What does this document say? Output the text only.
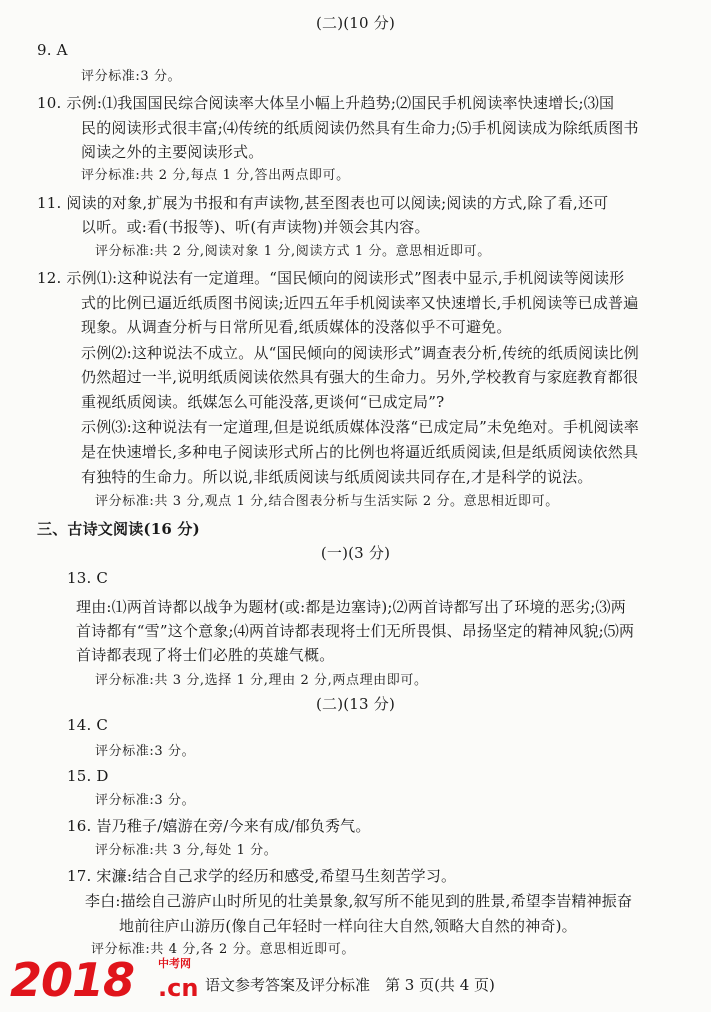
(二)(10 分)
9. A
评分标准:3 分。
10. 示例:⑴我国国民综合阅读率大体呈小幅上升趋势;⑵国民手机阅读率快速增长;⑶国
民的阅读形式很丰富;⑷传统的纸质阅读仍然具有生命力;⑸手机阅读成为除纸质图书
阅读之外的主要阅读形式。
评分标准:共 2 分,每点 1 分,答出两点即可。
11. 阅读的对象,扩展为书报和有声读物,甚至图表也可以阅读;阅读的方式,除了看,还可
以听。或:看(书报等)、听(有声读物)并领会其内容。
评分标准:共 2 分,阅读对象 1 分,阅读方式 1 分。意思相近即可。
12. 示例⑴:这种说法有一定道理。“国民倾向的阅读形式”图表中显示,手机阅读等阅读形
式的比例已逼近纸质图书阅读;近四五年手机阅读率又快速增长,手机阅读等已成普遍
现象。从调查分析与日常所见看,纸质媒体的没落似乎不可避免。
示例⑵:这种说法不成立。从“国民倾向的阅读形式”调查表分析,传统的纸质阅读比例
仍然超过一半,说明纸质阅读依然具有强大的生命力。另外,学校教育与家庭教育都很
重视纸质阅读。纸媒怎么可能没落,更谈何“已成定局”?
示例⑶:这种说法有一定道理,但是说纸质媒体没落“已成定局”未免绝对。手机阅读率
是在快速增长,多种电子阅读形式所占的比例也将逼近纸质阅读,但是纸质阅读依然具
有独特的生命力。所以说,非纸质阅读与纸质阅读共同存在,才是科学的说法。
评分标准:共 3 分,观点 1 分,结合图表分析与生活实际 2 分。意思相近即可。
三、古诗文阅读(16 分)
(一)(3 分)
13. C
理由:⑴两首诗都以战争为题材(或:都是边塞诗);⑵两首诗都写出了环境的恶劣;⑶两
首诗都有“雪”这个意象;⑷两首诗都表现将士们无所畏惧、昂扬坚定的精神风貌;⑸两
首诗都表现了将士们必胜的英雄气概。
评分标准:共 3 分,选择 1 分,理由 2 分,两点理由即可。
(二)(13 分)
14. C
评分标准:3 分。
15. D
评分标准:3 分。
16. 峕乃稚子/嬉游在旁/今来有成/郁负秀气。
评分标准:共 3 分,每处 1 分。
17. 宋濂:结合自己求学的经历和感受,希望马生刻苦学习。
李白:描绘自己游庐山时所见的壮美景象,叙写所不能见到的胜景,希望李峕精神振奋
地前往庐山游历(像自己年轻时一样向往大自然,领略大自然的神奇)。
评分标准:共 4 分,各 2 分。意思相近即可。
2018 中考网
.cn 语文参考答案及评分标准　第 3 页(共 4 页)
